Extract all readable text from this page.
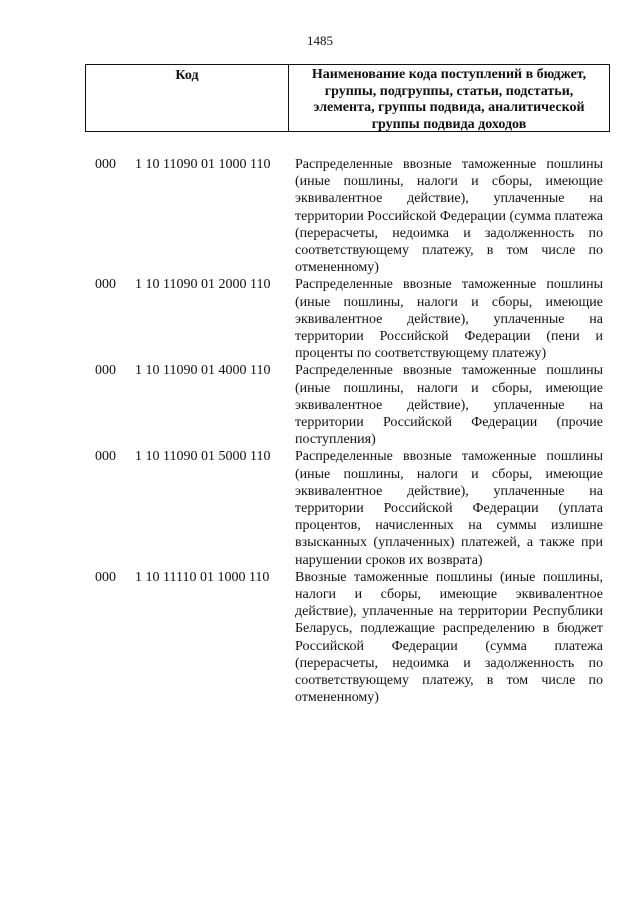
1485
Код	Наименование кода поступлений в бюджет, группы, подгруппы, статьи, подстатьи, элемента, группы подвида, аналитической группы подвида доходов
000 1 10 11090 01 1000 110 Распределенные ввозные таможенные пошлины (иные пошлины, налоги и сборы, имеющие эквивалентное действие), уплаченные на территории Российской Федерации (сумма платежа (перерасчеты, недоимка и задолженность по соответствующему платежу, в том числе по отмененному)
000 1 10 11090 01 2000 110 Распределенные ввозные таможенные пошлины (иные пошлины, налоги и сборы, имеющие эквивалентное действие), уплаченные на территории Российской Федерации (пени и проценты по соответствующему платежу)
000 1 10 11090 01 4000 110 Распределенные ввозные таможенные пошлины (иные пошлины, налоги и сборы, имеющие эквивалентное действие), уплаченные на территории Российской Федерации (прочие поступления)
000 1 10 11090 01 5000 110 Распределенные ввозные таможенные пошлины (иные пошлины, налоги и сборы, имеющие эквивалентное действие), уплаченные на территории Российской Федерации (уплата процентов, начисленных на суммы излишне взысканных (уплаченных) платежей, а также при нарушении сроков их возврата)
000 1 10 11110 01 1000 110 Ввозные таможенные пошлины (иные пошлины, налоги и сборы, имеющие эквивалентное действие), уплаченные на территории Республики Беларусь, подлежащие распределению в бюджет Российской Федерации (сумма платежа (перерасчеты, недоимка и задолженность по соответствующему платежу, в том числе по отмененному)
